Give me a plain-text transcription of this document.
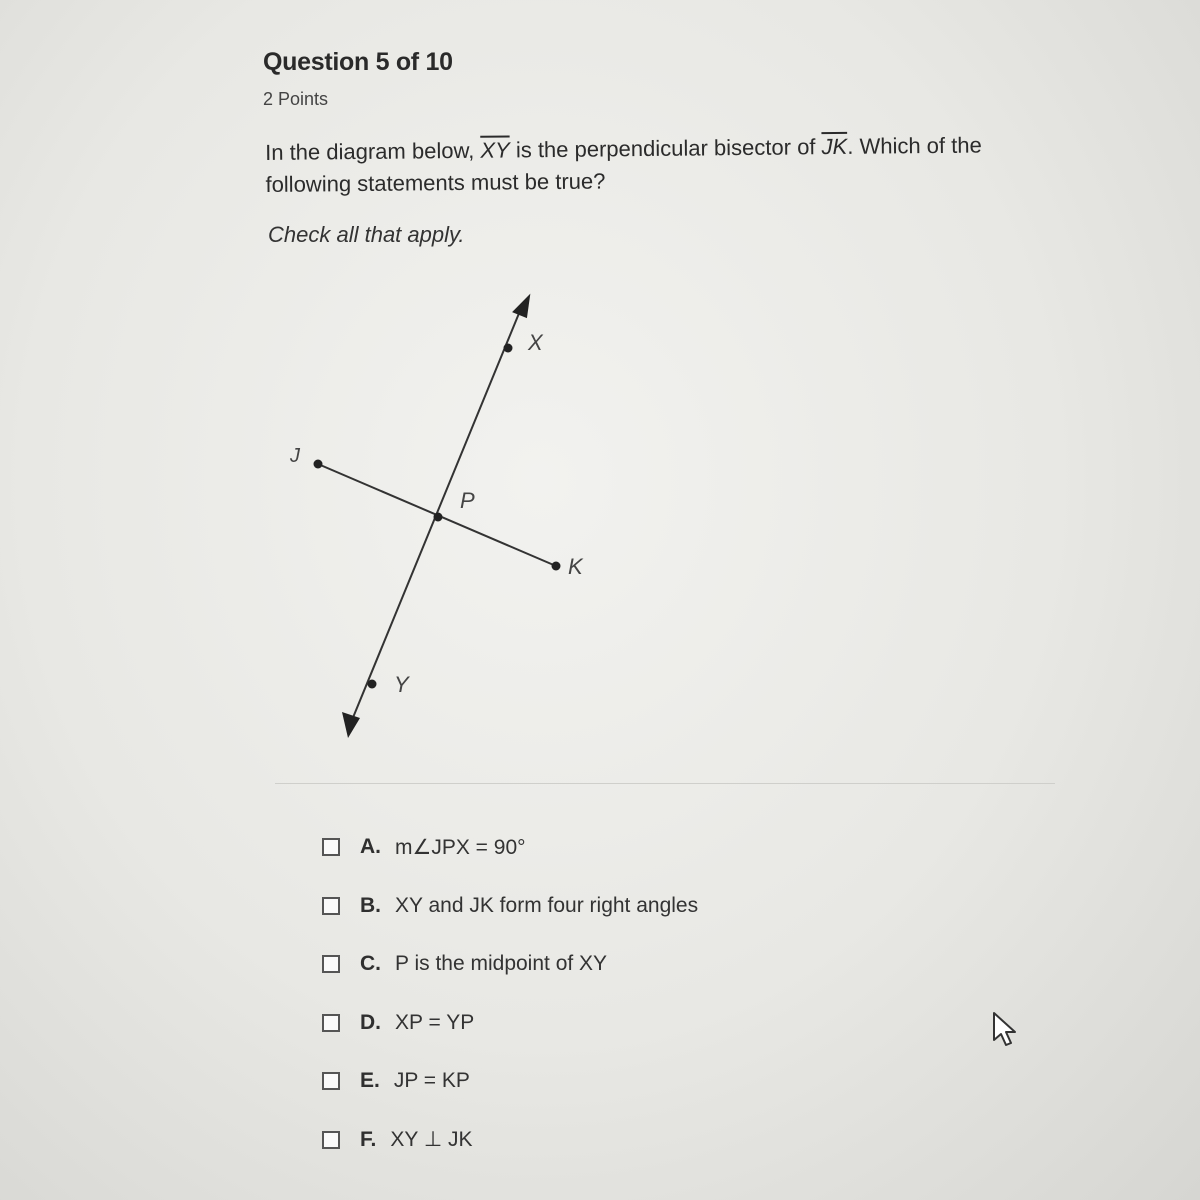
Question 5 of 10
2 Points
In the diagram below, $\overline{XY}$ is the perpendicular bisector of $\overline{JK}$. Which of the following statements must be true?
Check all that apply.
X
Y
J
K
P
A. m∠JPX = 90°
B. XY and JK form four right angles
C. P is the midpoint of XY
D. XP = YP
E. JP = KP
F. XY ⊥ JK
